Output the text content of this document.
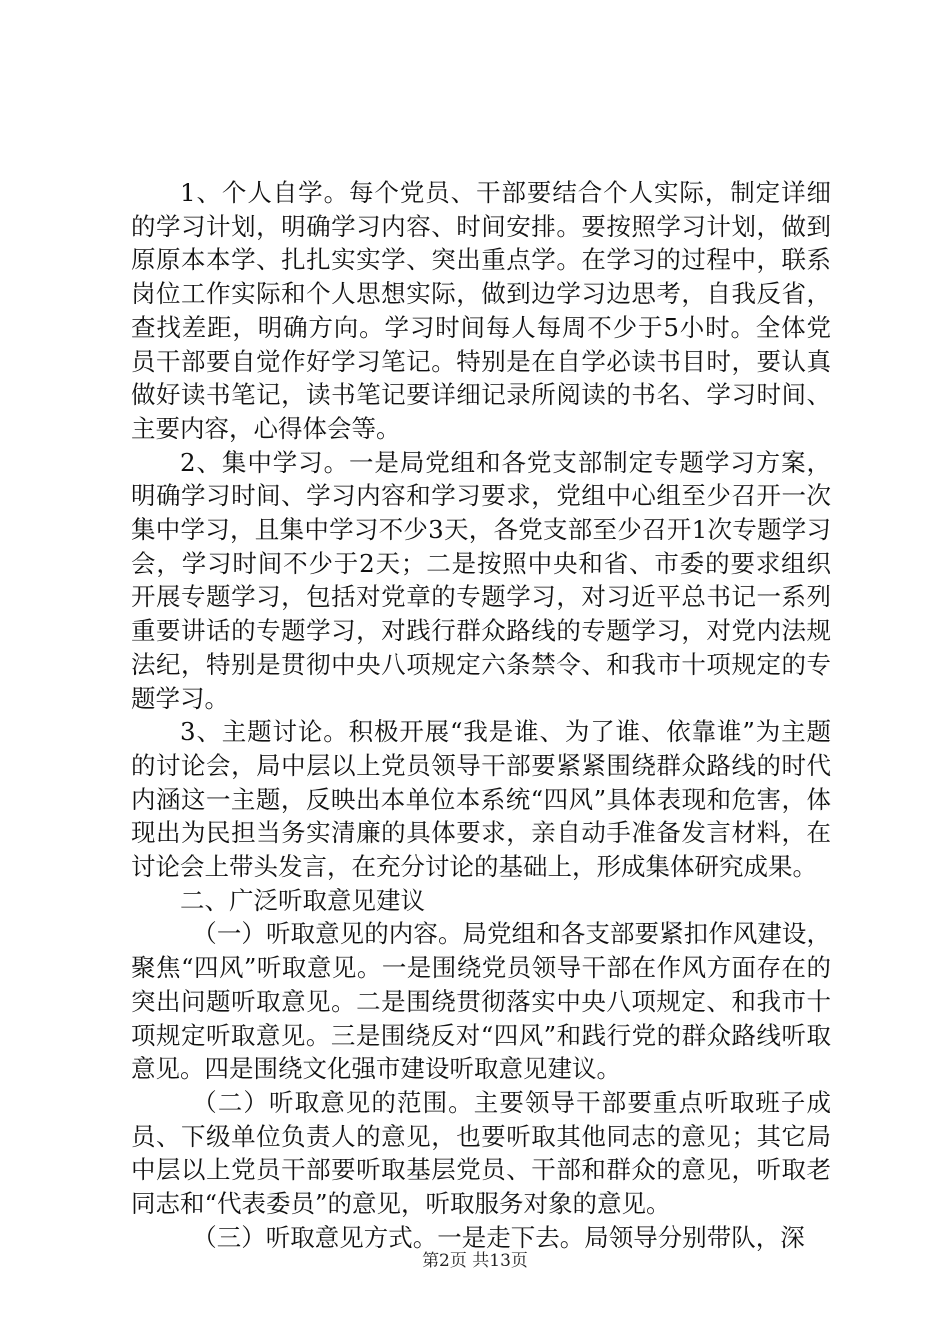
1、个人自学。每个党员、干部要结合个人实际，制定详细的学习计划，明确学习内容、时间安排。要按照学习计划，做到原原本本学、扎扎实实学、突出重点学。在学习的过程中，联系岗位工作实际和个人思想实际，做到边学习边思考，自我反省，查找差距，明确方向。学习时间每人每周不少于5小时。全体党员干部要自觉作好学习笔记。特别是在自学必读书目时，要认真做好读书笔记，读书笔记要详细记录所阅读的书名、学习时间、主要内容，心得体会等。

2、集中学习。一是局党组和各党支部制定专题学习方案，明确学习时间、学习内容和学习要求，党组中心组至少召开一次集中学习，且集中学习不少3天，各党支部至少召开1次专题学习会，学习时间不少于2天；二是按照中央和省、市委的要求组织开展专题学习，包括对党章的专题学习，对习近平总书记一系列重要讲话的专题学习，对践行群众路线的专题学习，对党内法规法纪，特别是贯彻中央八项规定六条禁令、和我市十项规定的专题学习。

3、主题讨论。积极开展“我是谁、为了谁、依靠谁”为主题的讨论会，局中层以上党员领导干部要紧紧围绕群众路线的时代内涵这一主题，反映出本单位本系统“四风”具体表现和危害，体现出为民担当务实清廉的具体要求，亲自动手准备发言材料，在讨论会上带头发言，在充分讨论的基础上，形成集体研究成果。

二、广泛听取意见建议

（一）听取意见的内容。局党组和各支部要紧扣作风建设，聚焦“四风”听取意见。一是围绕党员领导干部在作风方面存在的突出问题听取意见。二是围绕贯彻落实中央八项规定、和我市十项规定听取意见。三是围绕反对“四风”和践行党的群众路线听取意见。四是围绕文化强市建设听取意见建议。

（二）听取意见的范围。主要领导干部要重点听取班子成员、下级单位负责人的意见，也要听取其他同志的意见；其它局中层以上党员干部要听取基层党员、干部和群众的意见，听取老同志和“代表委员”的意见，听取服务对象的意见。

（三）听取意见方式。一是走下去。局领导分别带队，深

第2页 共13页
